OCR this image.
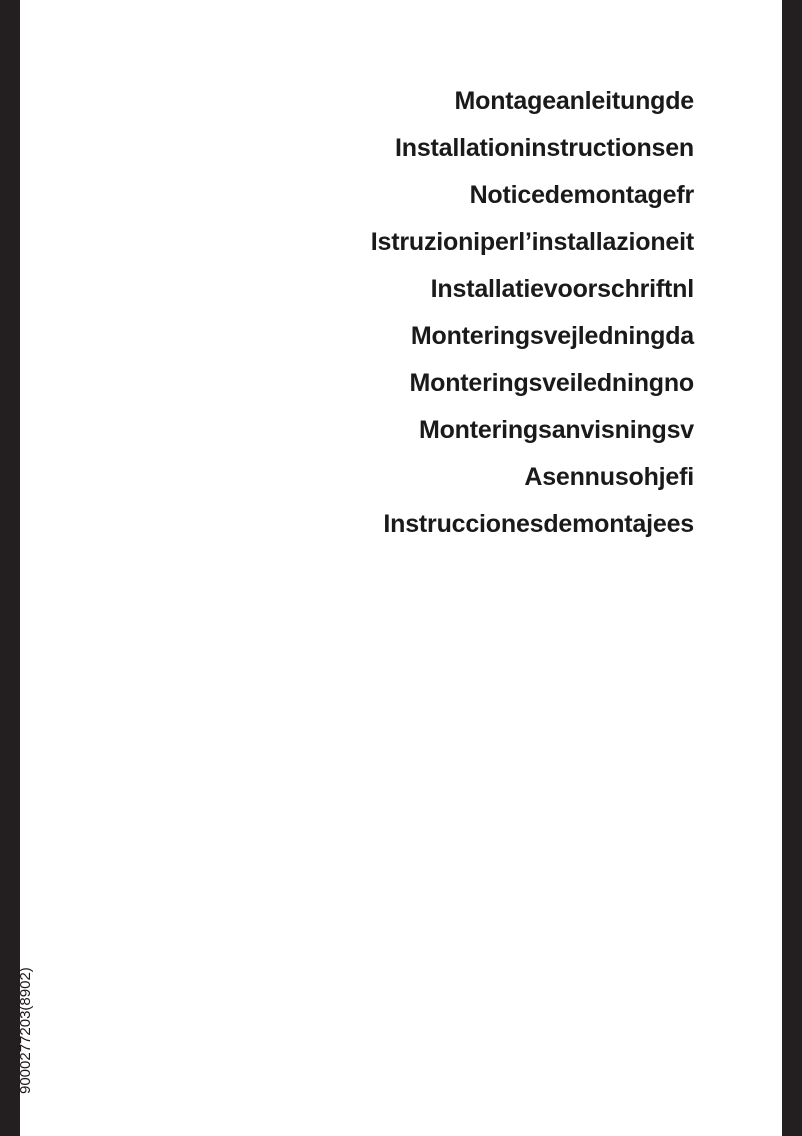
Montageanleitungde
Installationinstructionsen
Noticedemontagefr
Istruzioniperl’installazioneit
Installatievoorschriftnl
Monteringsvejledningda
Monteringsveiledningno
Monteringsanvisningsv
Asennusohjefi
Instruccionesdemontajees
9000277203(8902)
